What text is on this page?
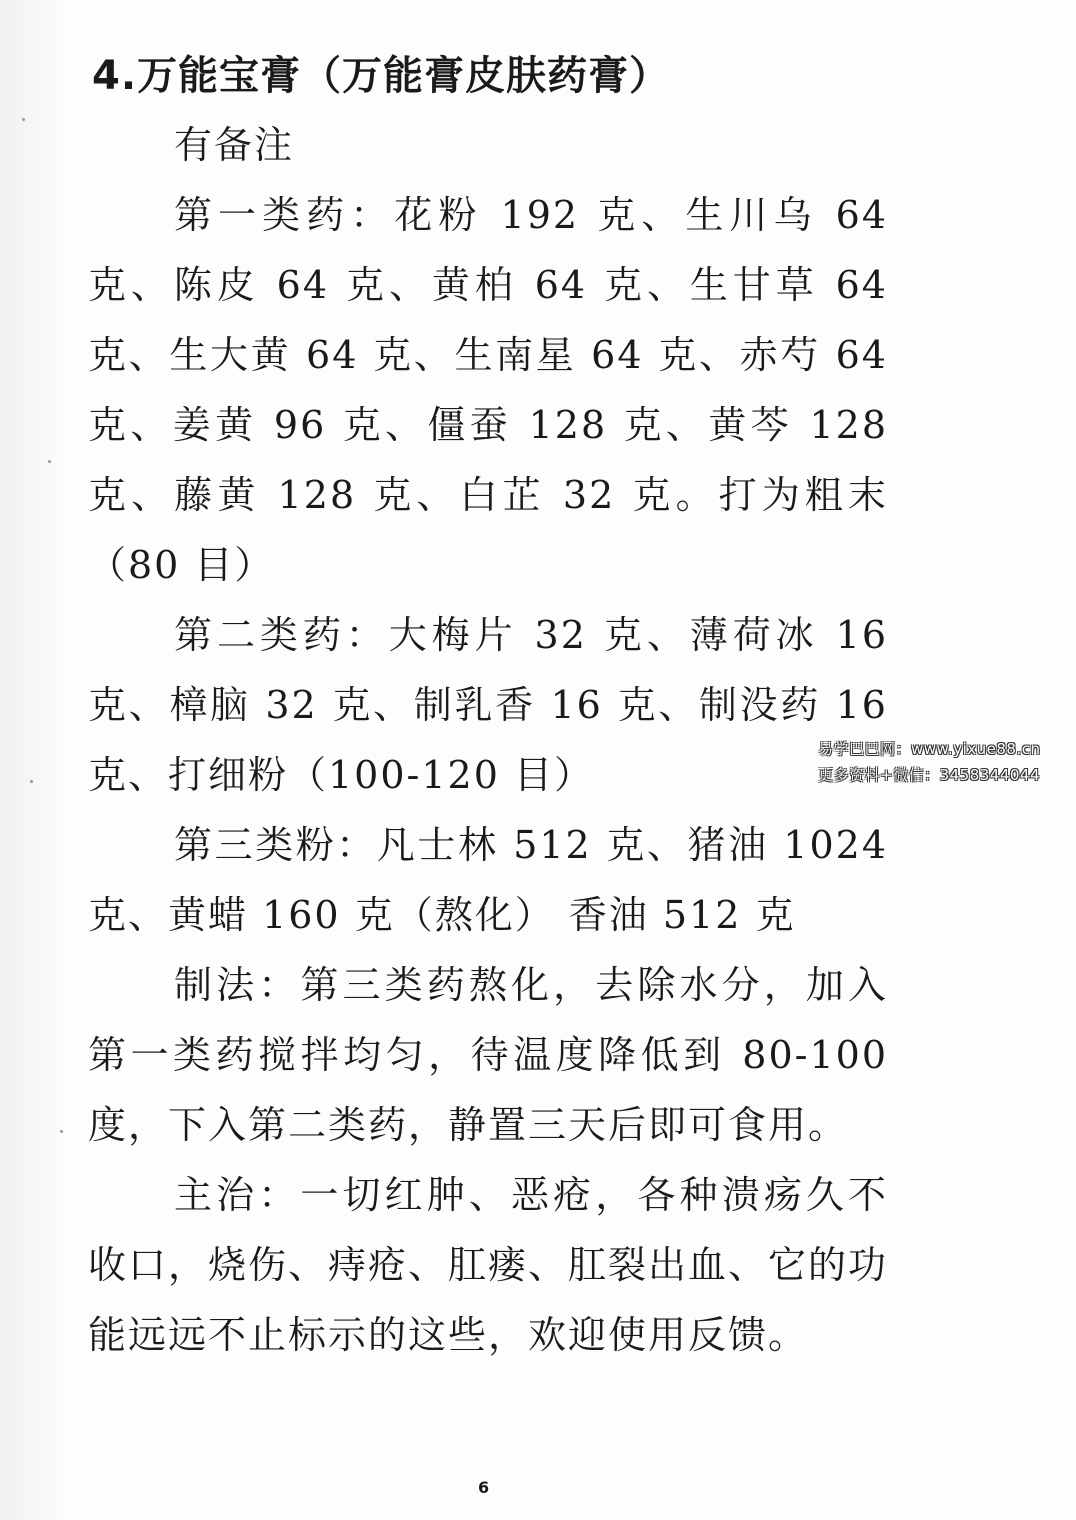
4.万能宝膏（万能膏皮肤药膏）

有备注

第一类药：花粉 192 克、生川乌 64 克、陈皮 64 克、黄柏 64 克、生甘草 64 克、生大黄 64 克、生南星 64 克、赤芍 64 克、姜黄 96 克、僵蚕 128 克、黄芩 128 克、藤黄 128 克、白芷 32 克。打为粗末（80 目）

第二类药：大梅片 32 克、薄荷冰 16 克、樟脑 32 克、制乳香 16 克、制没药 16 克、打细粉（100-120 目）

第三类粉：凡士林 512 克、猪油 1024 克、黄蜡 160 克（熬化） 香油 512 克

制法：第三类药熬化，去除水分，加入第一类药搅拌均匀，待温度降低到 80-100 度，下入第二类药，静置三天后即可食用。

主治：一切红肿、恶疮，各种溃疡久不收口，烧伤、痔疮、肛瘘、肛裂出血、它的功能远远不止标示的这些，欢迎使用反馈。

易学巴巴网：www.yixue88.cn
更多资料+微信：3458344044
6
